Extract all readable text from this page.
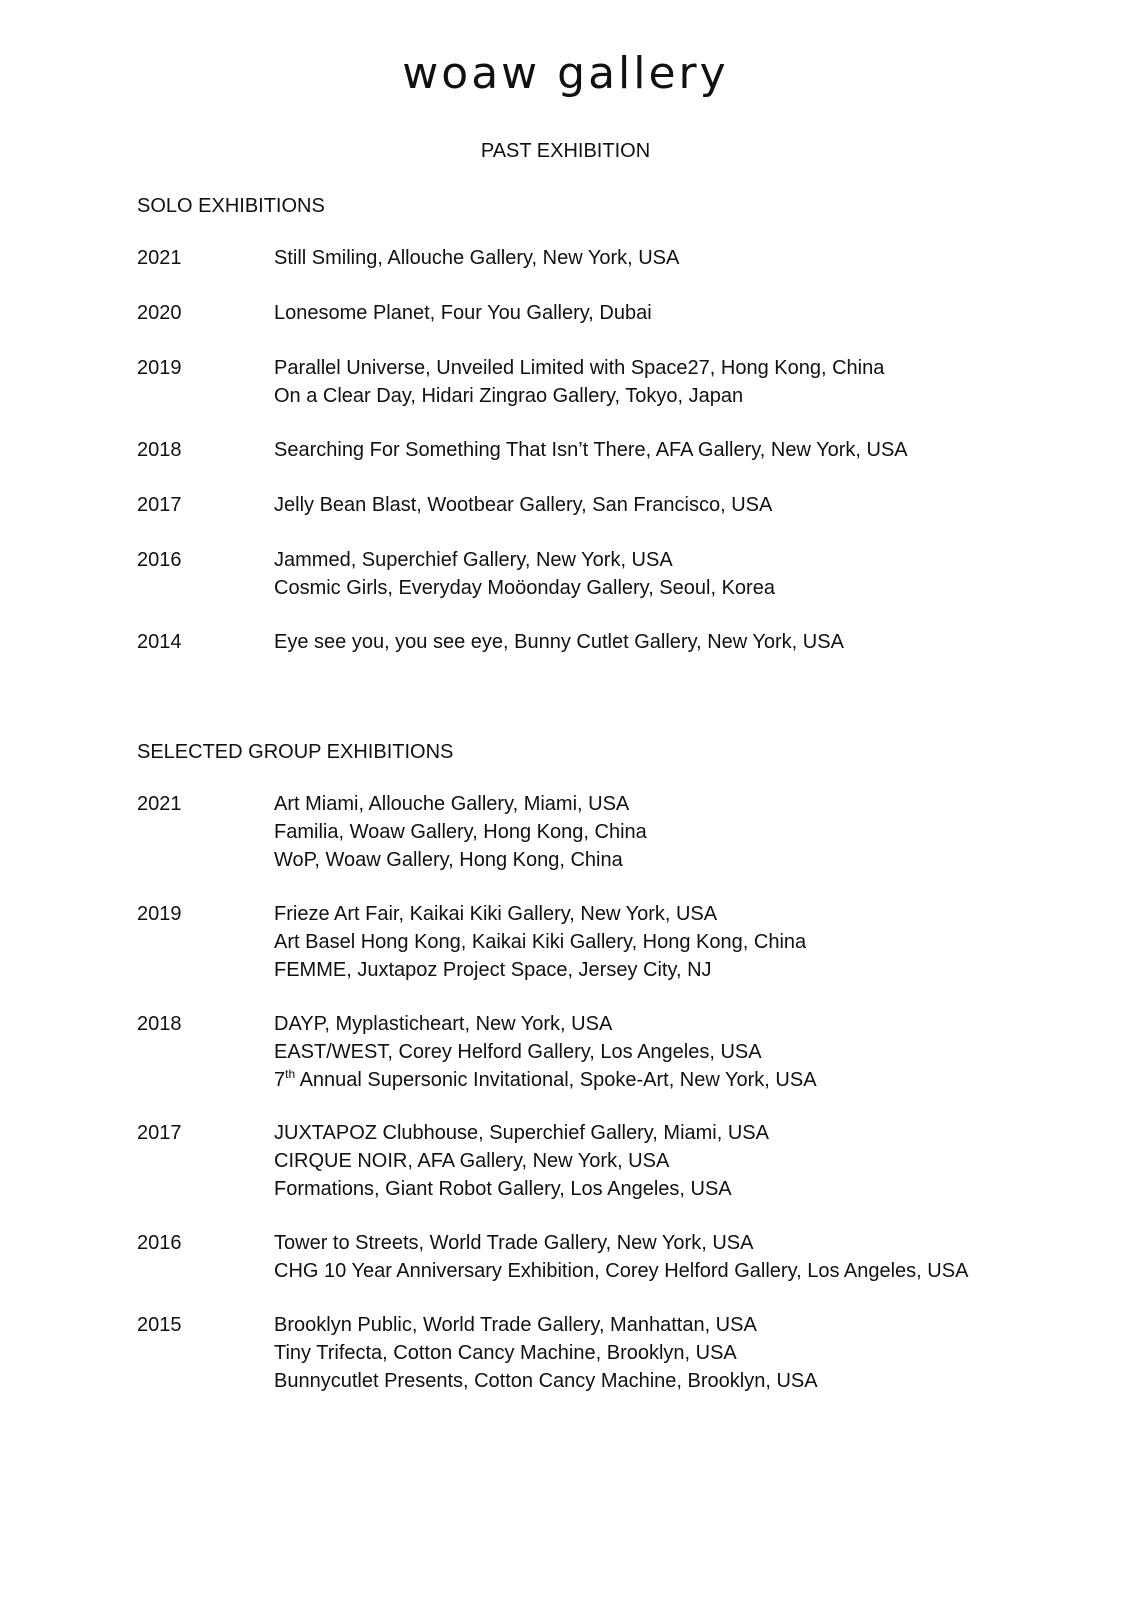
woaw gallery
PAST EXHIBITION
SOLO EXHIBITIONS
2021	Still Smiling, Allouche Gallery, New York, USA
2020	Lonesome Planet, Four You Gallery, Dubai
2019	Parallel Universe, Unveiled Limited with Space27, Hong Kong, China
On a Clear Day, Hidari Zingrao Gallery, Tokyo, Japan
2018	Searching For Something That Isn’t There, AFA Gallery, New York, USA
2017	Jelly Bean Blast, Wootbear Gallery, San Francisco, USA
2016	Jammed, Superchief Gallery, New York, USA
Cosmic Girls, Everyday Moöonday Gallery, Seoul, Korea
2014	Eye see you, you see eye, Bunny Cutlet Gallery, New York, USA
SELECTED GROUP EXHIBITIONS
2021	Art Miami, Allouche Gallery, Miami, USA
Familia, Woaw Gallery, Hong Kong, China
WoP, Woaw Gallery, Hong Kong, China
2019	Frieze Art Fair, Kaikai Kiki Gallery, New York, USA
Art Basel Hong Kong, Kaikai Kiki Gallery, Hong Kong, China
FEMME, Juxtapoz Project Space, Jersey City, NJ
2018	DAYP, Myplasticheart, New York, USA
EAST/WEST, Corey Helford Gallery, Los Angeles, USA
7th Annual Supersonic Invitational, Spoke-Art, New York, USA
2017	JUXTAPOZ Clubhouse, Superchief Gallery, Miami, USA
CIRQUE NOIR, AFA Gallery, New York, USA
Formations, Giant Robot Gallery, Los Angeles, USA
2016	Tower to Streets, World Trade Gallery, New York, USA
CHG 10 Year Anniversary Exhibition, Corey Helford Gallery, Los Angeles, USA
2015	Brooklyn Public, World Trade Gallery, Manhattan, USA
Tiny Trifecta, Cotton Cancy Machine, Brooklyn, USA
Bunnycutlet Presents, Cotton Cancy Machine, Brooklyn, USA
